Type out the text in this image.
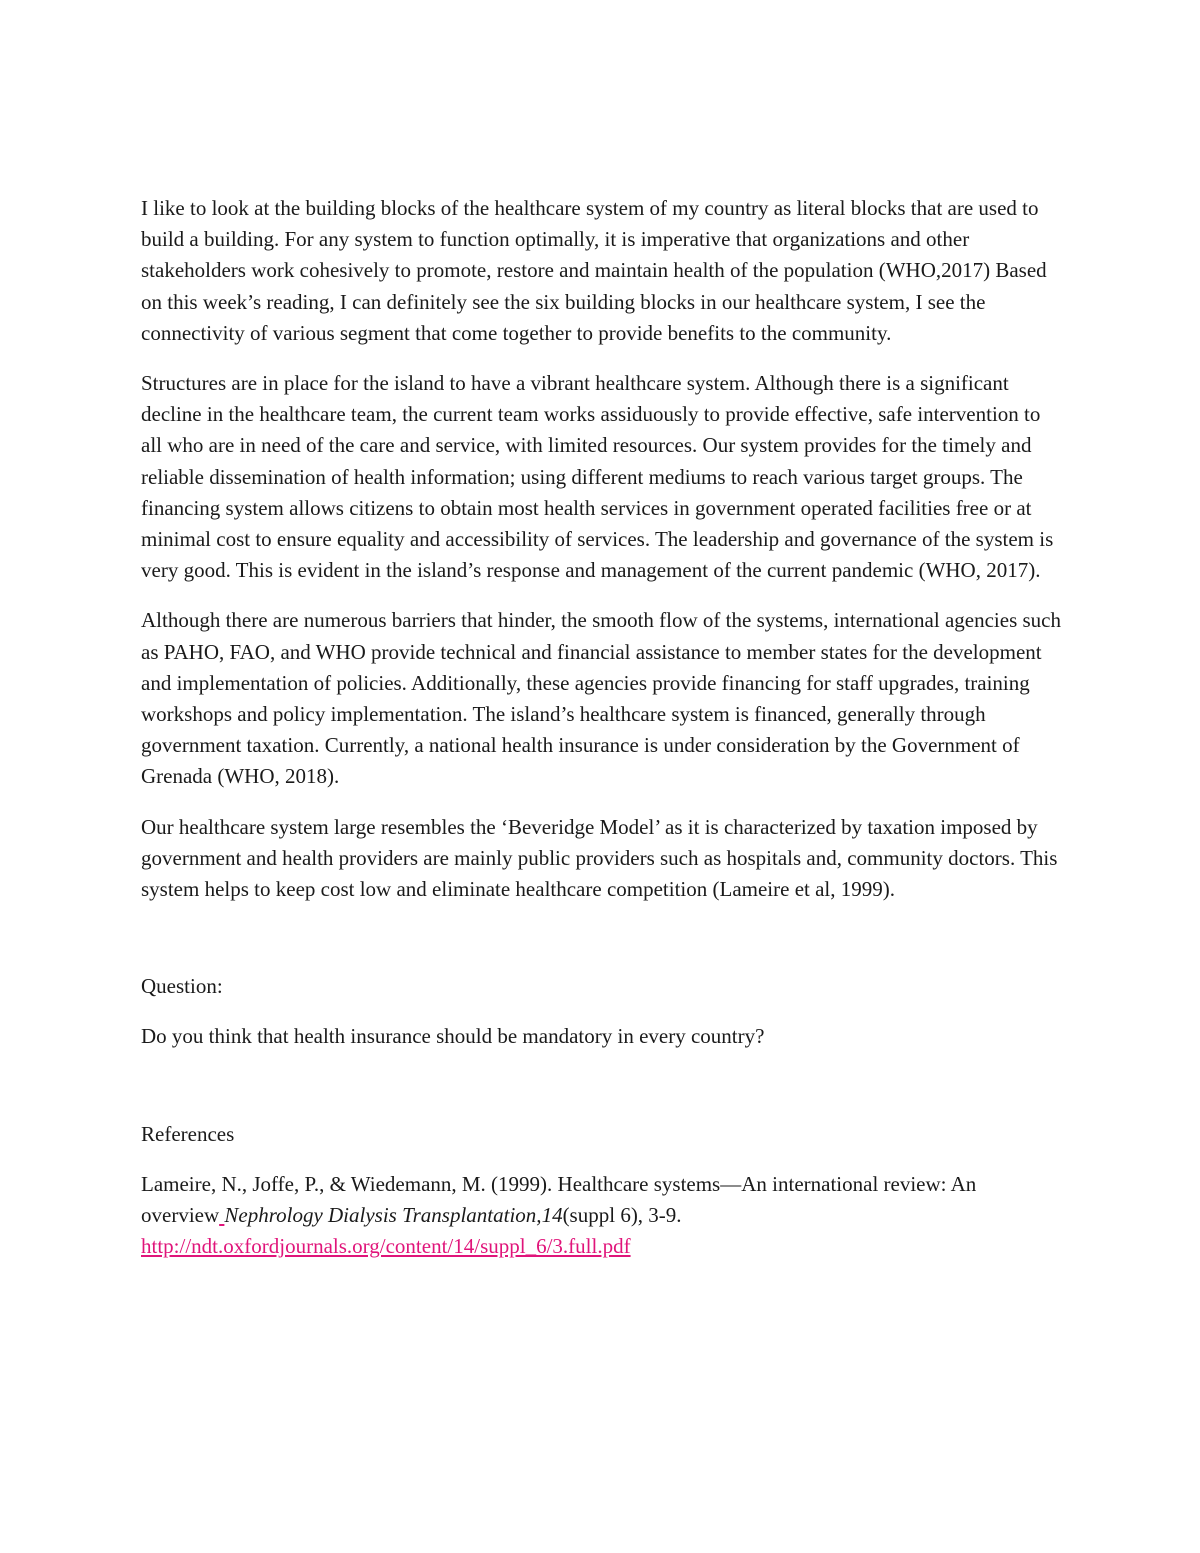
I like to look at the building blocks of the healthcare system of my country as literal blocks that are used to build a building. For any system to function optimally, it is imperative that organizations and other stakeholders work cohesively to promote, restore and maintain health of the population (WHO,2017) Based on this week’s reading, I can definitely see the six building blocks in our healthcare system, I see the connectivity of various segment that come together to provide benefits to the community.

Structures are in place for the island to have a vibrant healthcare system. Although there is a significant decline in the healthcare team, the current team works assiduously to provide effective, safe intervention to all who are in need of the care and service, with limited resources. Our system provides for the timely and reliable dissemination of health information; using different mediums to reach various target groups. The financing system allows citizens to obtain most health services in government operated facilities free or at minimal cost to ensure equality and accessibility of services. The leadership and governance of the system is very good. This is evident in the island’s response and management of the current pandemic (WHO, 2017).

Although there are numerous barriers that hinder, the smooth flow of the systems, international agencies such as PAHO, FAO, and WHO provide technical and financial assistance to member states for the development and implementation of policies. Additionally, these agencies provide financing for staff upgrades, training workshops and policy implementation. The island’s healthcare system is financed, generally through government taxation. Currently, a national health insurance is under consideration by the Government of Grenada (WHO, 2018).

Our healthcare system large resembles the ‘Beveridge Model’ as it is characterized by taxation imposed by government and health providers are mainly public providers such as hospitals and, community doctors. This system helps to keep cost low and eliminate healthcare competition (Lameire et al, 1999).

Question:

Do you think that health insurance should be mandatory in every country?

References

Lameire, N., Joffe, P., & Wiedemann, M. (1999). Healthcare systems—An international review: An overview Nephrology Dialysis Transplantation,14(suppl 6), 3-9.  http://ndt.oxfordjournals.org/content/14/suppl_6/3.full.pdf
